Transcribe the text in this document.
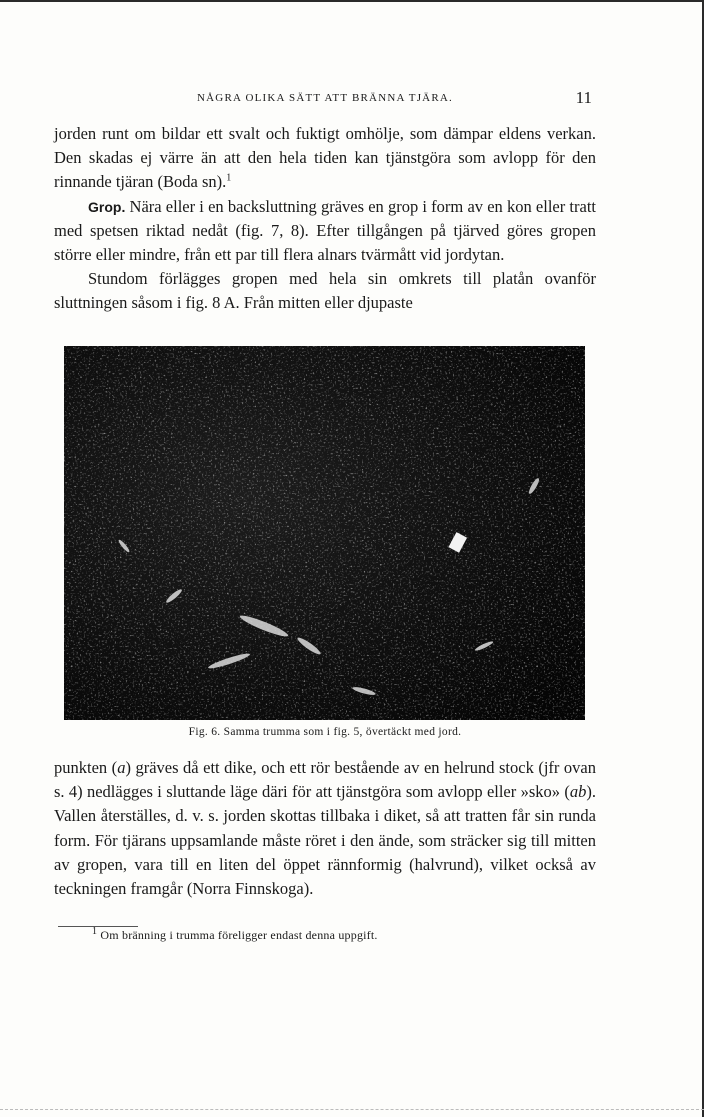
NÅGRA OLIKA SÄTT ATT BRÄNNA TJÄRA.	11

jorden runt om bildar ett svalt och fuktigt omhölje, som dämpar eldens verkan. Den skadas ej värre än att den hela tiden kan tjänstgöra som avlopp för den rinnande tjäran (Boda sn).$^1$

Grop. Nära eller i en backsluttning gräves en grop i form av en kon eller tratt med spetsen riktad nedåt (fig. 7, 8). Efter tillgången på tjärved göres gropen större eller mindre, från ett par till flera alnars tvärmått vid jordytan.

Stundom förlägges gropen med hela sin omkrets till platån ovanför sluttningen såsom i fig. 8 A. Från mitten eller djupaste

Fig. 6. Samma trumma som i fig. 5, övertäckt med jord.

punkten (a) gräves då ett dike, och ett rör bestående av en helrund stock (jfr ovan s. 4) nedlägges i sluttande läge däri för att tjänstgöra som avlopp eller »sko» (ab). Vallen återställes, d. v. s. jorden skottas tillbaka i diket, så att tratten får sin runda form. För tjärans uppsamlande måste röret i den ände, som sträcker sig till mitten av gropen, vara till en liten del öppet rännformig (halvrund), vilket också av teckningen framgår (Norra Finnskoga).

$^1$ Om bränning i trumma föreligger endast denna uppgift.
